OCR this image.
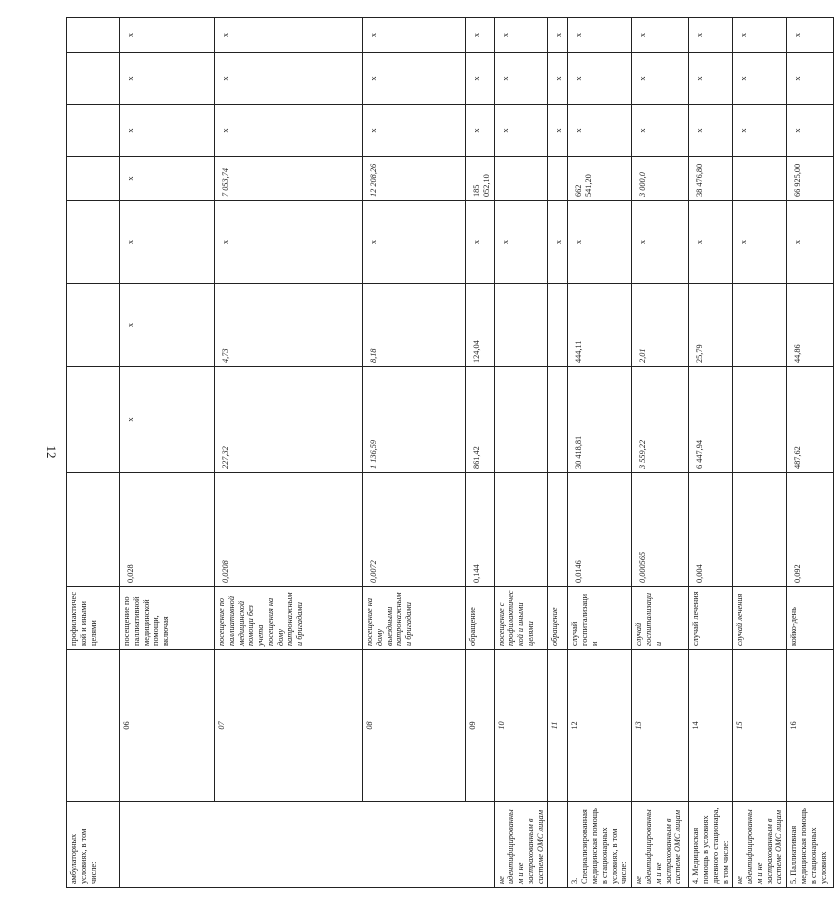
12
амбулаторных условиях, в том числе:		профилактической и иными целями								
	06	посещение по паллиативной медицинской помощи, включая	0,028	x	x	x	x	x	x	x
	07	посещение по паллиативной медицинской помощи без учета посещения на дому патронажными бригадами	0,0208	227,32	4,73	x	7 053,74	x	x	x
	08	посещение на дому выездными патронажными бригадами	0,0072	1 136,59	8,18	x	12 208,26	x	x	x
	09	обращение	0,144	861,42	124,04	x	185 052,10	x	x	x
не идентифицированным и не застрахованным в системе ОМС лицам	10	посещение с профилактической и иными целями				x		x	x	x
	11	обращение				x		x	x	x
3. Специализированная медицинская помощь в стационарных условиях, в том числе:	12	случай госпитализации	0,0146	30 418,81	444,11	x	662 541,20	x	x	x
не идентифицированным и не застрахованным в системе ОМС лицам	13	случай госпитализации	0,000565	3 559,22	2,01	x	3 000,0	x	x	x
4. Медицинская помощь в условиях дневного стационара, в том числе:	14	случай лечения	0,004	6 447,94	25,79	x	38 476,80	x	x	x
не идентифицированным и не застрахованным в системе ОМС лицам	15	случай лечения				x		x	x	x
5. Паллиативная медицинская помощь в стационарных условиях	16	койко-день	0,092	487,62	44,86	x	66 925,00	x	x	x
